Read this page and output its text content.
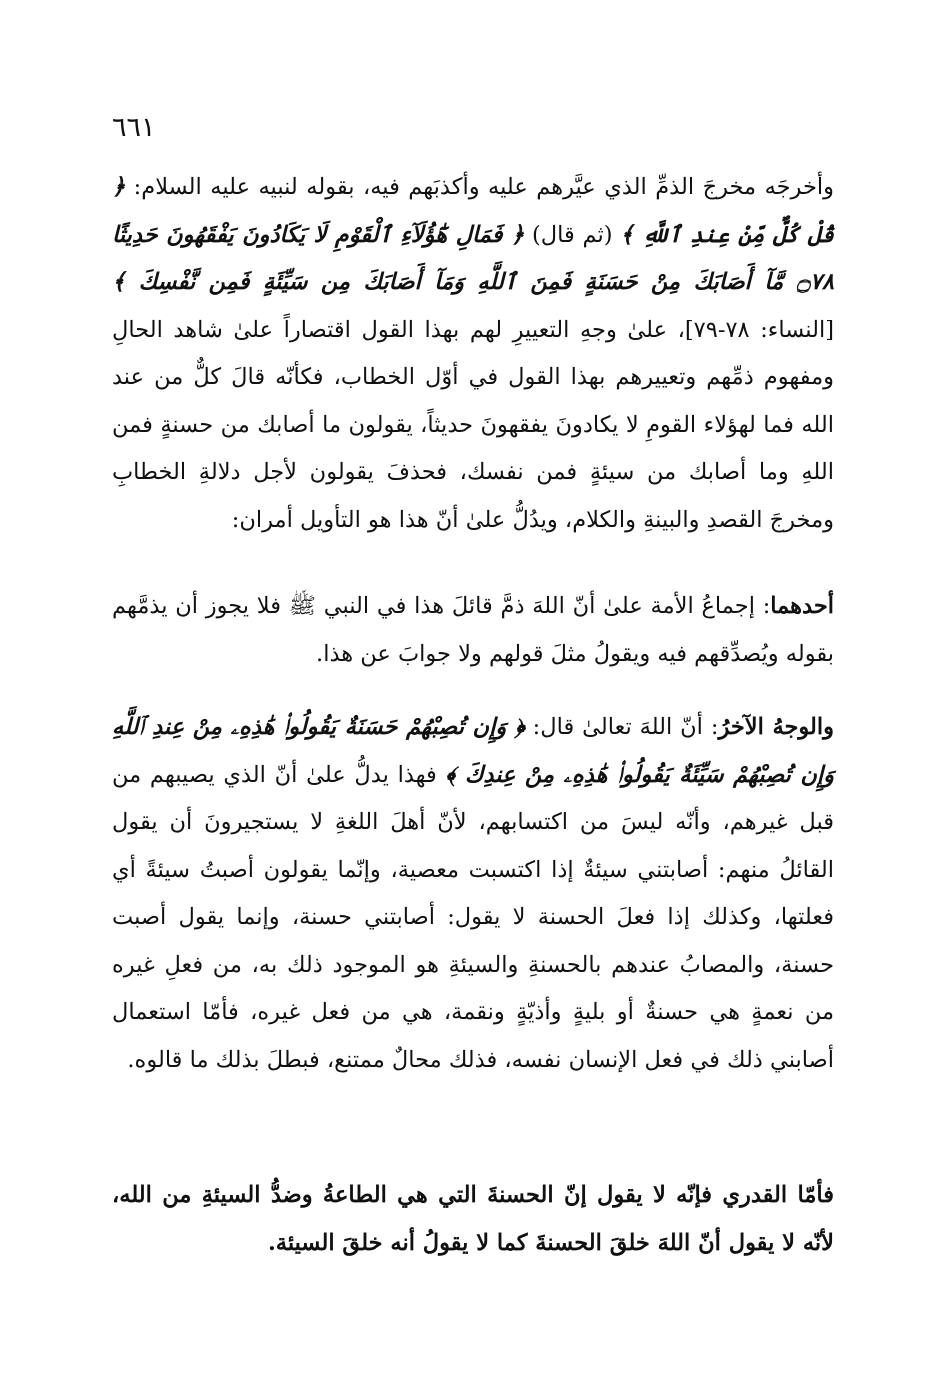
٦٦١

وأخرجَه مخرجَ الذمِّ الذي عيَّرهم عليه وأكذبَهم فيه، بقوله لنبيه عليه السلام: ﴿ قُلْ كُلٌّ مِّنْ عِندِ ٱللَّهِ ﴾ (ثم قال) ﴿ فَمَالِ هَٰٓؤُلَآءِ ٱلْقَوْمِ لَا يَكَادُونَ يَفْقَهُونَ حَدِيثًا ۝٧٨ مَّآ أَصَابَكَ مِنْ حَسَنَةٍ فَمِنَ ٱللَّهِ وَمَآ أَصَابَكَ مِن سَيِّئَةٍ فَمِن نَّفْسِكَ ﴾ [النساء: ٧٨-٧٩]، علىٰ وجهِ التعييرِ لهم بهذا القول اقتصاراً علىٰ شاهد الحالِ ومفهوم ذمِّهم وتعييرهم بهذا القول في أوّل الخطاب، فكأنّه قالَ كلٌّ من عند الله فما لهؤلاء القومِ لا يكادونَ يفقهونَ حديثاً، يقولون ما أصابك من حسنةٍ فمن اللهِ وما أصابك من سيئةٍ فمن نفسك، فحذفَ يقولون لأجل دلالةِ الخطابِ ومخرجَ القصدِ والبينةِ والكلام، ويدُلُّ علىٰ أنّ هذا هو التأويل أمران:

أحدهما: إجماعُ الأمة علىٰ أنّ اللهَ ذمَّ قائلَ هذا في النبي ﷺ فلا يجوز أن يذمَّهم بقوله ويُصدِّقهم فيه ويقولُ مثلَ قولهم ولا جوابَ عن هذا.

والوجهُ الآخرُ: أنّ اللهَ تعالىٰ قال: ﴿ وَإِن تُصِبْهُمْ حَسَنَةٌ يَقُولُوا۟ هَٰذِهِۦ مِنْ عِندِ ٱللَّهِ وَإِن تُصِبْهُمْ سَيِّئَةٌ يَقُولُوا۟ هَٰذِهِۦ مِنْ عِندِكَ ﴾ فهذا يدلُّ علىٰ أنّ الذي يصيبهم من قبل غيرهم، وأنّه ليسَ من اكتسابهم، لأنّ أهلَ اللغةِ لا يستجيرونَ أن يقول القائلُ منهم: أصابتني سيئةٌ إذا اكتسبت معصية، وإنّما يقولون أصبتُ سيئةً أي فعلتها، وكذلك إذا فعلَ الحسنة لا يقول: أصابتني حسنة، وإنما يقول أصبت حسنة، والمصابُ عندهم بالحسنةِ والسيئةِ هو الموجود ذلك به، من فعلِ غيره من نعمةٍ هي حسنةٌ أو بليةٍ وأذيّةٍ ونقمة، هي من فعل غيره، فأمّا استعمال أصابني ذلك في فعل الإنسان نفسه، فذلك محالٌ ممتنع، فبطلَ بذلك ما قالوه.

فأمّا القدري فإنّه لا يقول إنّ الحسنةَ التي هي الطاعةُ وضدُّ السيئةِ من الله، لأنّه لا يقول أنّ اللهَ خلقَ الحسنةَ كما لا يقولُ أنه خلقَ السيئة.
